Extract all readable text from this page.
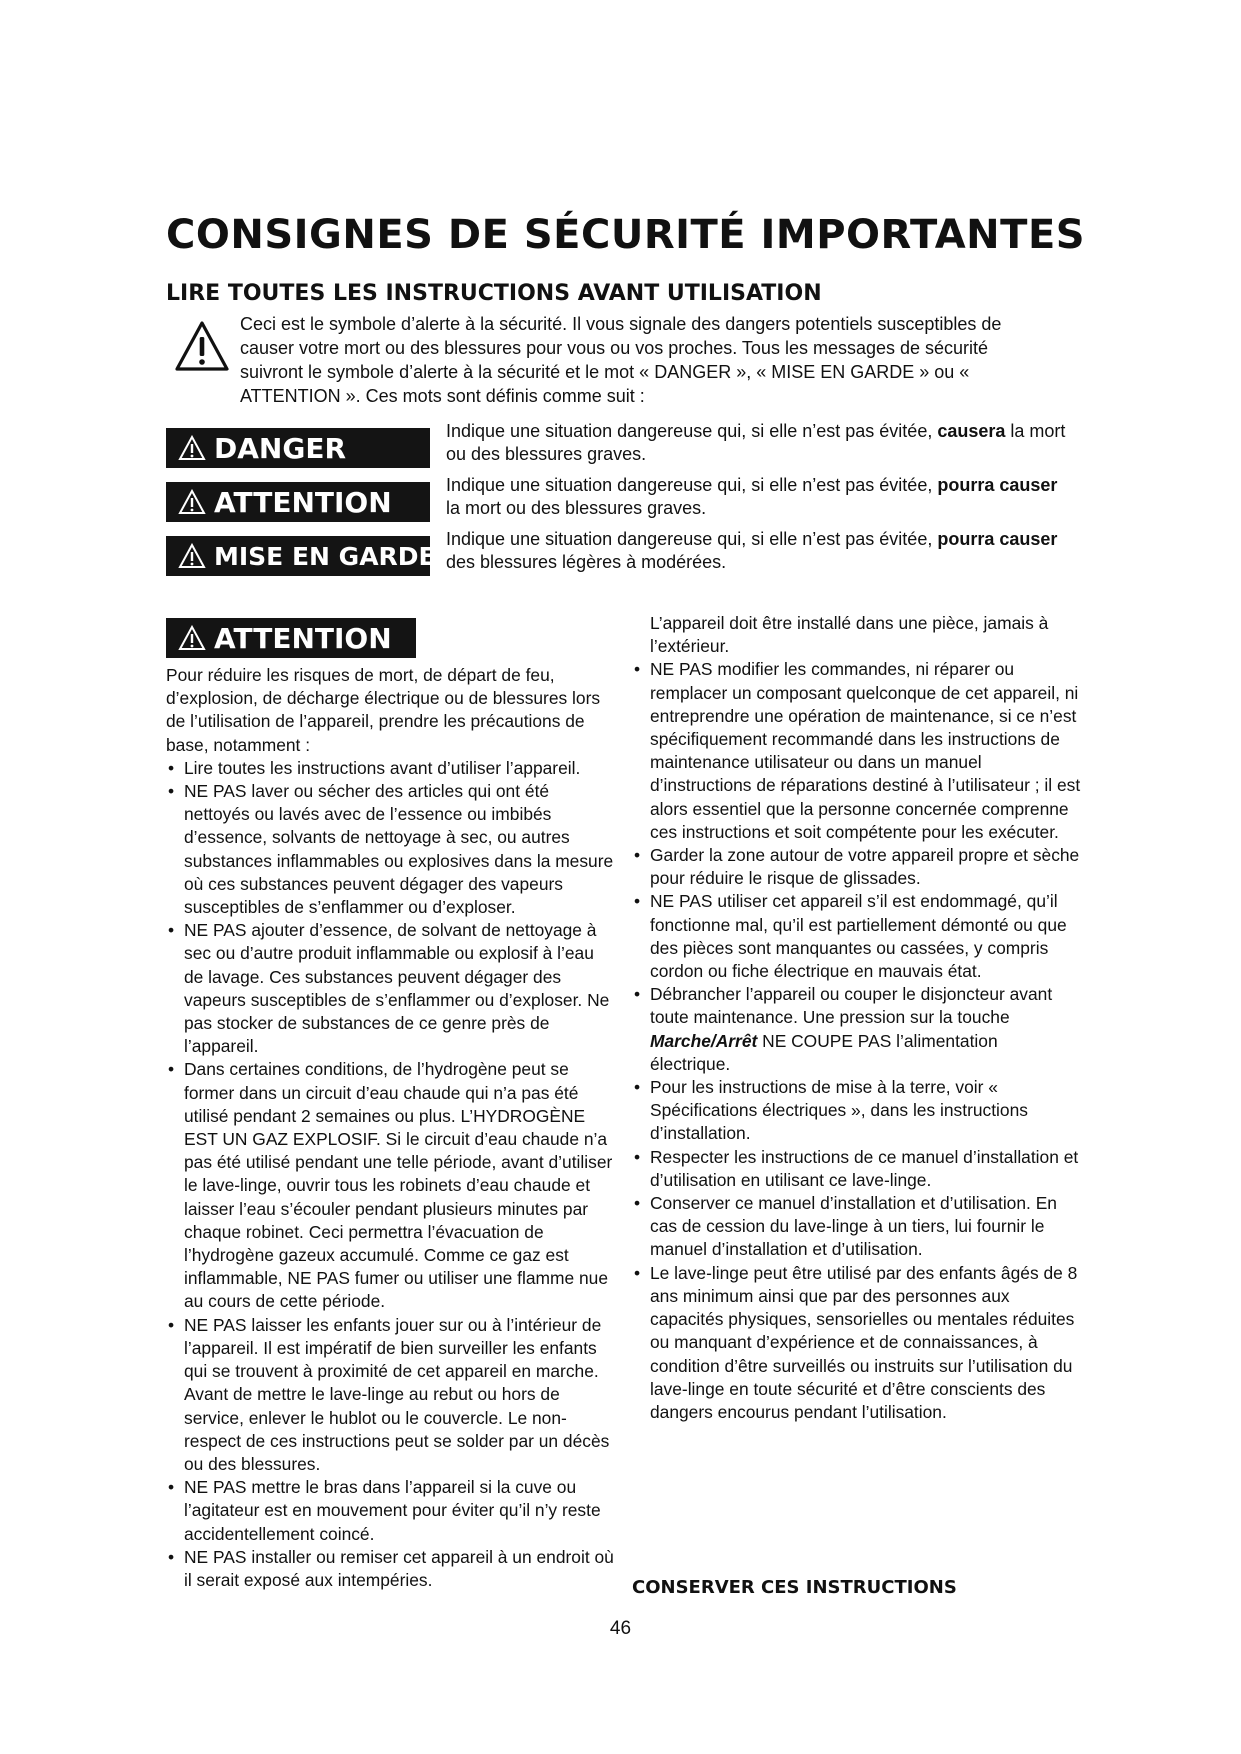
CONSIGNES DE SÉCURITÉ IMPORTANTES
LIRE TOUTES LES INSTRUCTIONS AVANT UTILISATION
Ceci est le symbole d’alerte à la sécurité. Il vous signale des dangers potentiels susceptibles de causer votre mort ou des blessures pour vous ou vos proches. Tous les messages de sécurité suivront le symbole d’alerte à la sécurité et le mot « DANGER », « MISE EN GARDE » ou « ATTENTION ». Ces mots sont définis comme suit :
DANGER
Indique une situation dangereuse qui, si elle n’est pas évitée, causera la mort ou des blessures graves.
ATTENTION
Indique une situation dangereuse qui, si elle n’est pas évitée, pourra causer la mort ou des blessures graves.
MISE EN GARDE
Indique une situation dangereuse qui, si elle n’est pas évitée, pourra causer des blessures légères à modérées.
ATTENTION

Pour réduire les risques de mort, de départ de feu, d’explosion, de décharge électrique ou de blessures lors de l’utilisation de l’appareil, prendre les précautions de base, notamment :

• Lire toutes les instructions avant d’utiliser l’appareil.
• NE PAS laver ou sécher des articles qui ont été nettoyés ou lavés avec de l’essence ou imbibés d’essence, solvants de nettoyage à sec, ou autres substances inflammables ou explosives dans la mesure où ces substances peuvent dégager des vapeurs susceptibles de s’enflammer ou d’exploser.
• NE PAS ajouter d’essence, de solvant de nettoyage à sec ou d’autre produit inflammable ou explosif à l’eau de lavage. Ces substances peuvent dégager des vapeurs susceptibles de s’enflammer ou d’exploser. Ne pas stocker de substances de ce genre près de l’appareil.
• Dans certaines conditions, de l’hydrogène peut se former dans un circuit d’eau chaude qui n’a pas été utilisé pendant 2 semaines ou plus. L’HYDROGÈNE EST UN GAZ EXPLOSIF. Si le circuit d’eau chaude n’a pas été utilisé pendant une telle période, avant d’utiliser le lave-linge, ouvrir tous les robinets d’eau chaude et laisser l’eau s’écouler pendant plusieurs minutes par chaque robinet. Ceci permettra l’évacuation de l’hydrogène gazeux accumulé. Comme ce gaz est inflammable, NE PAS fumer ou utiliser une flamme nue au cours de cette période.
• NE PAS laisser les enfants jouer sur ou à l’intérieur de l’appareil. Il est impératif de bien surveiller les enfants qui se trouvent à proximité de cet appareil en marche. Avant de mettre le lave-linge au rebut ou hors de service, enlever le hublot ou le couvercle. Le non-respect de ces instructions peut se solder par un décès ou des blessures.
• NE PAS mettre le bras dans l’appareil si la cuve ou l’agitateur est en mouvement pour éviter qu’il n’y reste accidentellement coincé.
• NE PAS installer ou remiser cet appareil à un endroit où il serait exposé aux intempéries.

L’appareil doit être installé dans une pièce, jamais à l’extérieur.

• NE PAS modifier les commandes, ni réparer ou remplacer un composant quelconque de cet appareil, ni entreprendre une opération de maintenance, si ce n’est spécifiquement recommandé dans les instructions de maintenance utilisateur ou dans un manuel d’instructions de réparations destiné à l’utilisateur ; il est alors essentiel que la personne concernée comprenne ces instructions et soit compétente pour les exécuter.
• Garder la zone autour de votre appareil propre et sèche pour réduire le risque de glissades.
• NE PAS utiliser cet appareil s’il est endommagé, qu’il fonctionne mal, qu’il est partiellement démonté ou que des pièces sont manquantes ou cassées, y compris cordon ou fiche électrique en mauvais état.
• Débrancher l’appareil ou couper le disjoncteur avant toute maintenance. Une pression sur la touche Marche/Arrêt NE COUPE PAS l’alimentation électrique.
• Pour les instructions de mise à la terre, voir « Spécifications électriques », dans les instructions d’installation.
• Respecter les instructions de ce manuel d’installation et d’utilisation en utilisant ce lave-linge.
• Conserver ce manuel d’installation et d’utilisation. En cas de cession du lave-linge à un tiers, lui fournir le manuel d’installation et d’utilisation.
• Le lave-linge peut être utilisé par des enfants âgés de 8 ans minimum ainsi que par des personnes aux capacités physiques, sensorielles ou mentales réduites ou manquant d’expérience et de connaissances, à condition d’être surveillés ou instruits sur l’utilisation du lave-linge en toute sécurité et d’être conscients des dangers encourus pendant l’utilisation.
CONSERVER CES INSTRUCTIONS
46
